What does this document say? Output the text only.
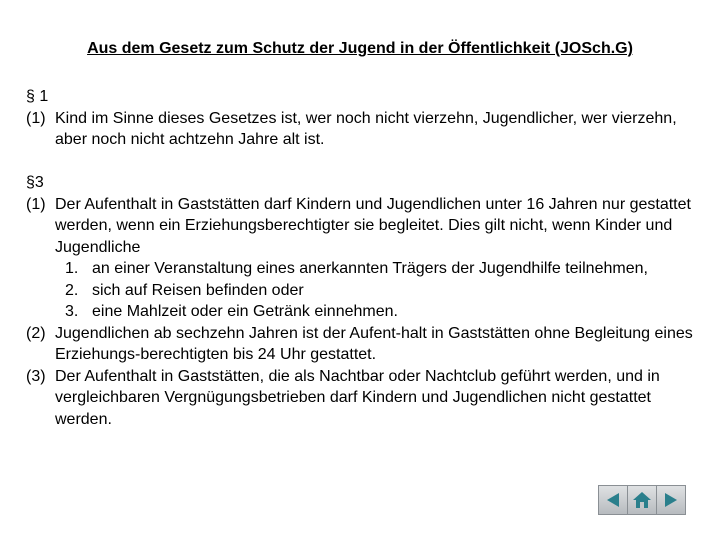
Aus dem Gesetz zum Schutz der Jugend in der Öffentlichkeit (JOSch.G)
§ 1
(1) Kind im Sinne dieses Gesetzes ist, wer noch nicht vierzehn, Jugendlicher, wer vierzehn, aber noch nicht achtzehn Jahre alt ist.
§3
(1) Der Aufenthalt in Gaststätten darf Kindern und Jugendlichen unter 16 Jahren nur gestattet werden, wenn ein Erziehungsberechtigter sie begleitet. Dies gilt nicht, wenn Kinder und Jugendliche
1. an einer Veranstaltung eines anerkannten Trägers der Jugendhilfe teilnehmen,
2. sich auf Reisen befinden oder
3. eine Mahlzeit oder ein Getränk einnehmen.
(2) Jugendlichen ab sechzehn Jahren ist der Aufent-halt in Gaststätten ohne Begleitung eines Erziehungs-berechtigten bis 24 Uhr gestattet.
(3) Der Aufenthalt in Gaststätten, die als Nachtbar oder Nachtclub geführt werden, und in vergleichbaren Vergnügungsbetrieben darf Kindern und Jugendlichen nicht gestattet werden.
